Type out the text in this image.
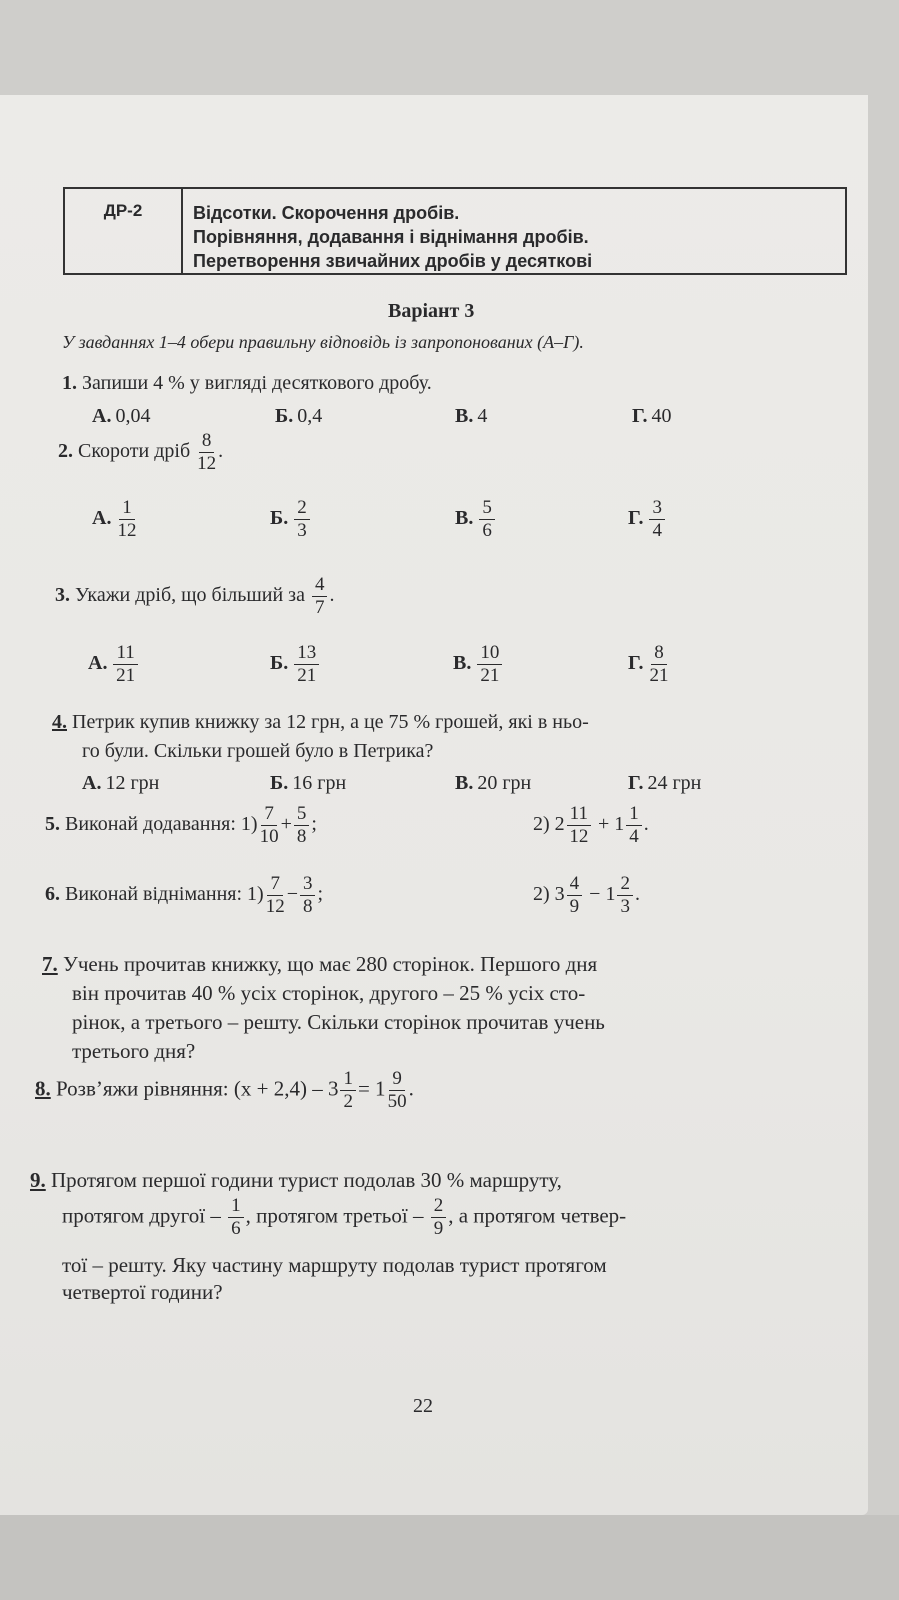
ДР-2	Відсотки. Скорочення дробів.
Порівняння, додавання і віднімання дробів.
Перетворення звичайних дробів у десяткові
Варіант 3
У завданнях 1–4 обери правильну відповідь із запропонованих (А–Г).
1. Запиши 4 % у вигляді десяткового дробу.
А. 0,04	Б. 0,4	В. 4	Г. 40
2. Скороти дріб $\frac{8}{12}$ .
А. $\frac{1}{12}$	Б. $\frac{2}{3}$	В. $\frac{5}{6}$	Г. $\frac{3}{4}$
3. Укажи дріб, що більший за $\frac{4}{7}$ .
А. $\frac{11}{21}$	Б. $\frac{13}{21}$	В. $\frac{10}{21}$	Г. $\frac{8}{21}$
4. Петрик купив книжку за 12 грн, а це 75 % грошей, які в ньо-
го були. Скільки грошей було в Петрика?
А. 12 грн	Б. 16 грн	В. 20 грн	Г. 24 грн
5. Виконай додавання: $1) \frac{7}{10} + \frac{5}{8}$ ;	2) $2 \frac{11}{12} + 1 \frac{1}{4}$ .
6. Виконай віднімання: $1) \frac{7}{12} - \frac{3}{8}$ ;	2) $3 \frac{4}{9} - 1 \frac{2}{3}$ .
7. Учень прочитав книжку, що має 280 сторінок. Першого дня
він прочитав 40 % усіх сторінок, другого – 25 % усіх сто-
рінок, а третього – решту. Скільки сторінок прочитав учень
третього дня?
8. Розв’яжи рівняння: $(x + 2,4) - 3 \frac{1}{2} = 1 \frac{9}{50}$ .
9. Протягом першої години турист подолав 30 % маршруту,
протягом другої – $\frac{1}{6}$ , протягом третьої – $\frac{2}{9}$ , а протягом четвер-
тої – решту. Яку частину маршруту подолав турист протягом
четвертої години?
22
